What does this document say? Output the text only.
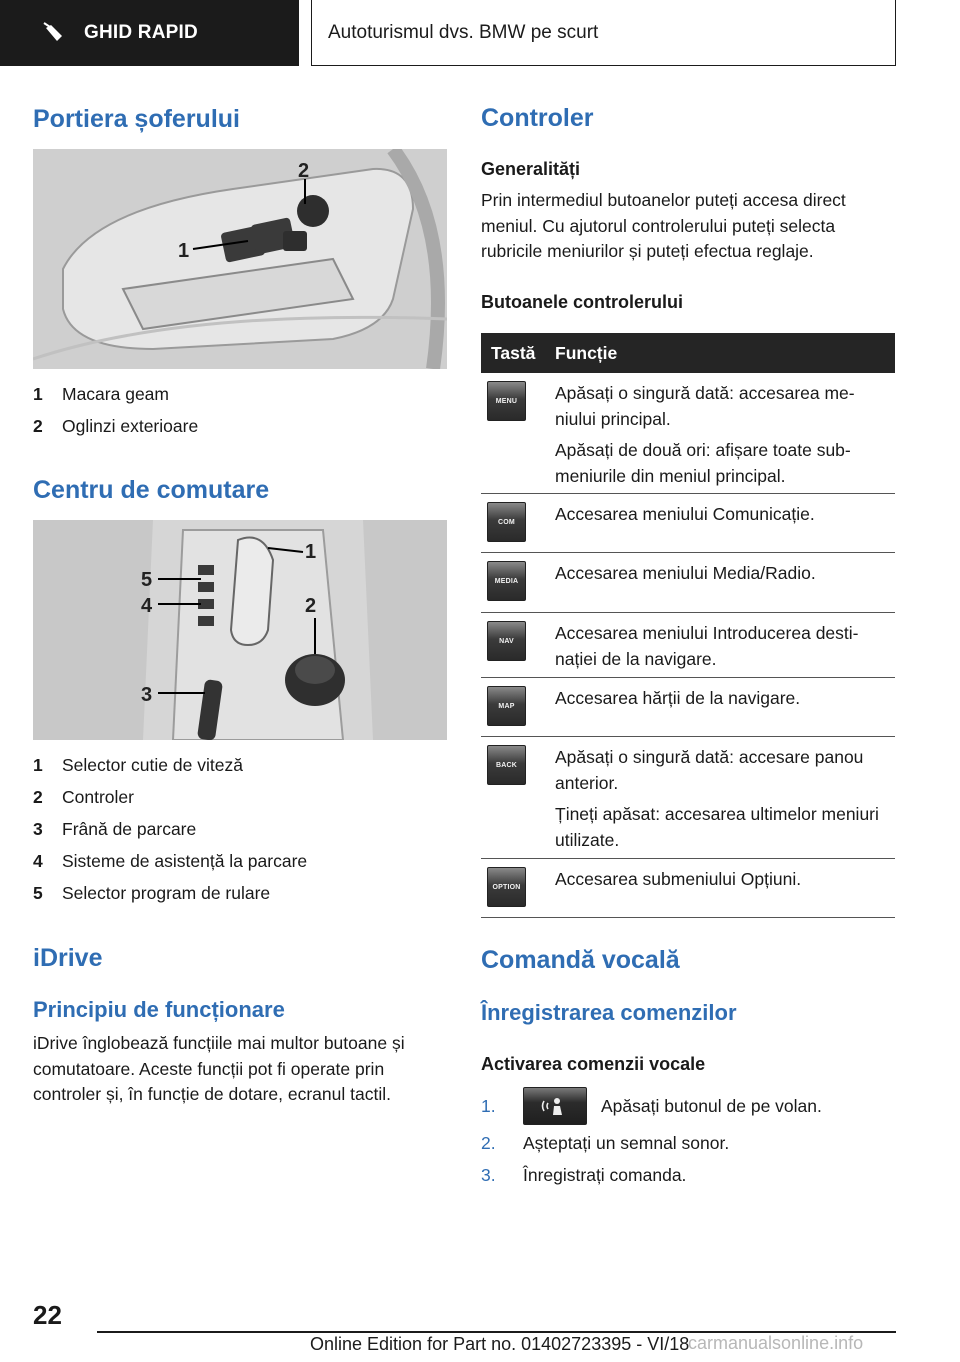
GHID RAPID	Autoturismul dvs. BMW pe scurt
Portiera șoferului
1
2
1	Macara geam
2	Oglinzi exterioare
Centru de comutare
1
2
3
4
5
1	Selector cutie de viteză
2	Controler
3	Frână de parcare
4	Sisteme de asistență la parcare
5	Selector program de rulare
iDrive
Principiu de funcționare
iDrive înglobează funcțiile mai multor butoane și comutatoare. Aceste funcții pot fi operate prin controler și, în funcție de dotare, ecranul tactil.
Controler
Generalități
Prin intermediul butoanelor puteți accesa direct meniul. Cu ajutorul controlerului puteți selecta rubricile meniurilor și puteți efectua reglaje.
Butoanele controlerului
Tastă	Funcție
MENU	Apăsați o singură dată: accesarea meniului principal.

Apăsați de două ori: afișare toate submeniurile din meniul principal.

COM	Accesarea meniului Comunicație.

MEDIA	Accesarea meniului Media/Radio.

NAV	Accesarea meniului Introducerea destinației de la navigare.

MAP	Accesarea hărții de la navigare.

BACK	Apăsați o singură dată: accesare panou anterior.

Țineți apăsat: accesarea ultimelor meniuri utilizate.

OPTION	Accesarea submeniului Opțiuni.

Comandă vocală
Înregistrarea comenzilor
Activarea comenzii vocale
1.	Apăsați butonul de pe volan.
2.	Așteptați un semnal sonor.
3.	Înregistrați comanda.
22
Online Edition for Part no. 01402723395 - VI/18
carmanualsonline.info
